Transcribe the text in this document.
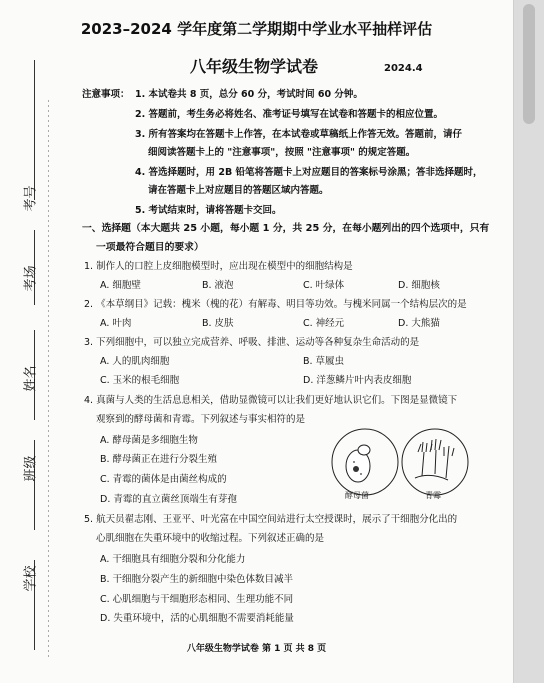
考号
考场
姓名
班级
学校
2023–2024 学年度第二学期期中学业水平抽样评估
八年级生物学试卷	2024.4
注意事项： 1. 本试卷共 8 页，总分 60 分，考试时间 60 分钟。
2. 答题前，考生务必将姓名、准考证号填写在试卷和答题卡的相应位置。
3. 所有答案均在答题卡上作答，在本试卷或草稿纸上作答无效。答题前，请仔
细阅读答题卡上的 "注意事项"，按照 "注意事项" 的规定答题。
4. 答选择题时，用 2B 铅笔将答题卡上对应题目的答案标号涂黑；答非选择题时，
请在答题卡上对应题目的答题区域内答题。
5. 考试结束时，请将答题卡交回。
一、选择题（本大题共 25 小题，每小题 1 分，共 25 分，在每小题列出的四个选项中，只有
一项最符合题目的要求）
1. 制作人的口腔上皮细胞模型时，应出现在模型中的细胞结构是
A. 细胞壁	B. 液泡	C. 叶绿体	D. 细胞核
2. 《本草纲目》记载：槐米（槐的花）有解毒、明目等功效。与槐米同属一个结构层次的是
A. 叶肉	B. 皮肤	C. 神经元	D. 大熊猫
3. 下列细胞中，可以独立完成营养、呼吸、排泄、运动等各种复杂生命活动的是
A. 人的肌肉细胞	B. 草履虫
C. 玉米的根毛细胞	D. 洋葱鳞片叶内表皮细胞
4. 真菌与人类的生活息息相关，借助显微镜可以让我们更好地认识它们。下图是显微镜下
观察到的酵母菌和青霉。下列叙述与事实相符的是
A. 酵母菌是多细胞生物
B. 酵母菌正在进行分裂生殖
C. 青霉的菌体是由菌丝构成的
D. 青霉的直立菌丝顶端生有芽孢	酵母菌	青霉
5. 航天员翟志刚、王亚平、叶光富在中国空间站进行太空授课时，展示了干细胞分化出的
心肌细胞在失重环境中的收缩过程。下列叙述正确的是
A. 干细胞具有细胞分裂和分化能力
B. 干细胞分裂产生的新细胞中染色体数目减半
C. 心肌细胞与干细胞形态相同、生理功能不同
D. 失重环境中，活的心肌细胞不需要消耗能量
八年级生物学试卷 第 1 页 共 8 页
